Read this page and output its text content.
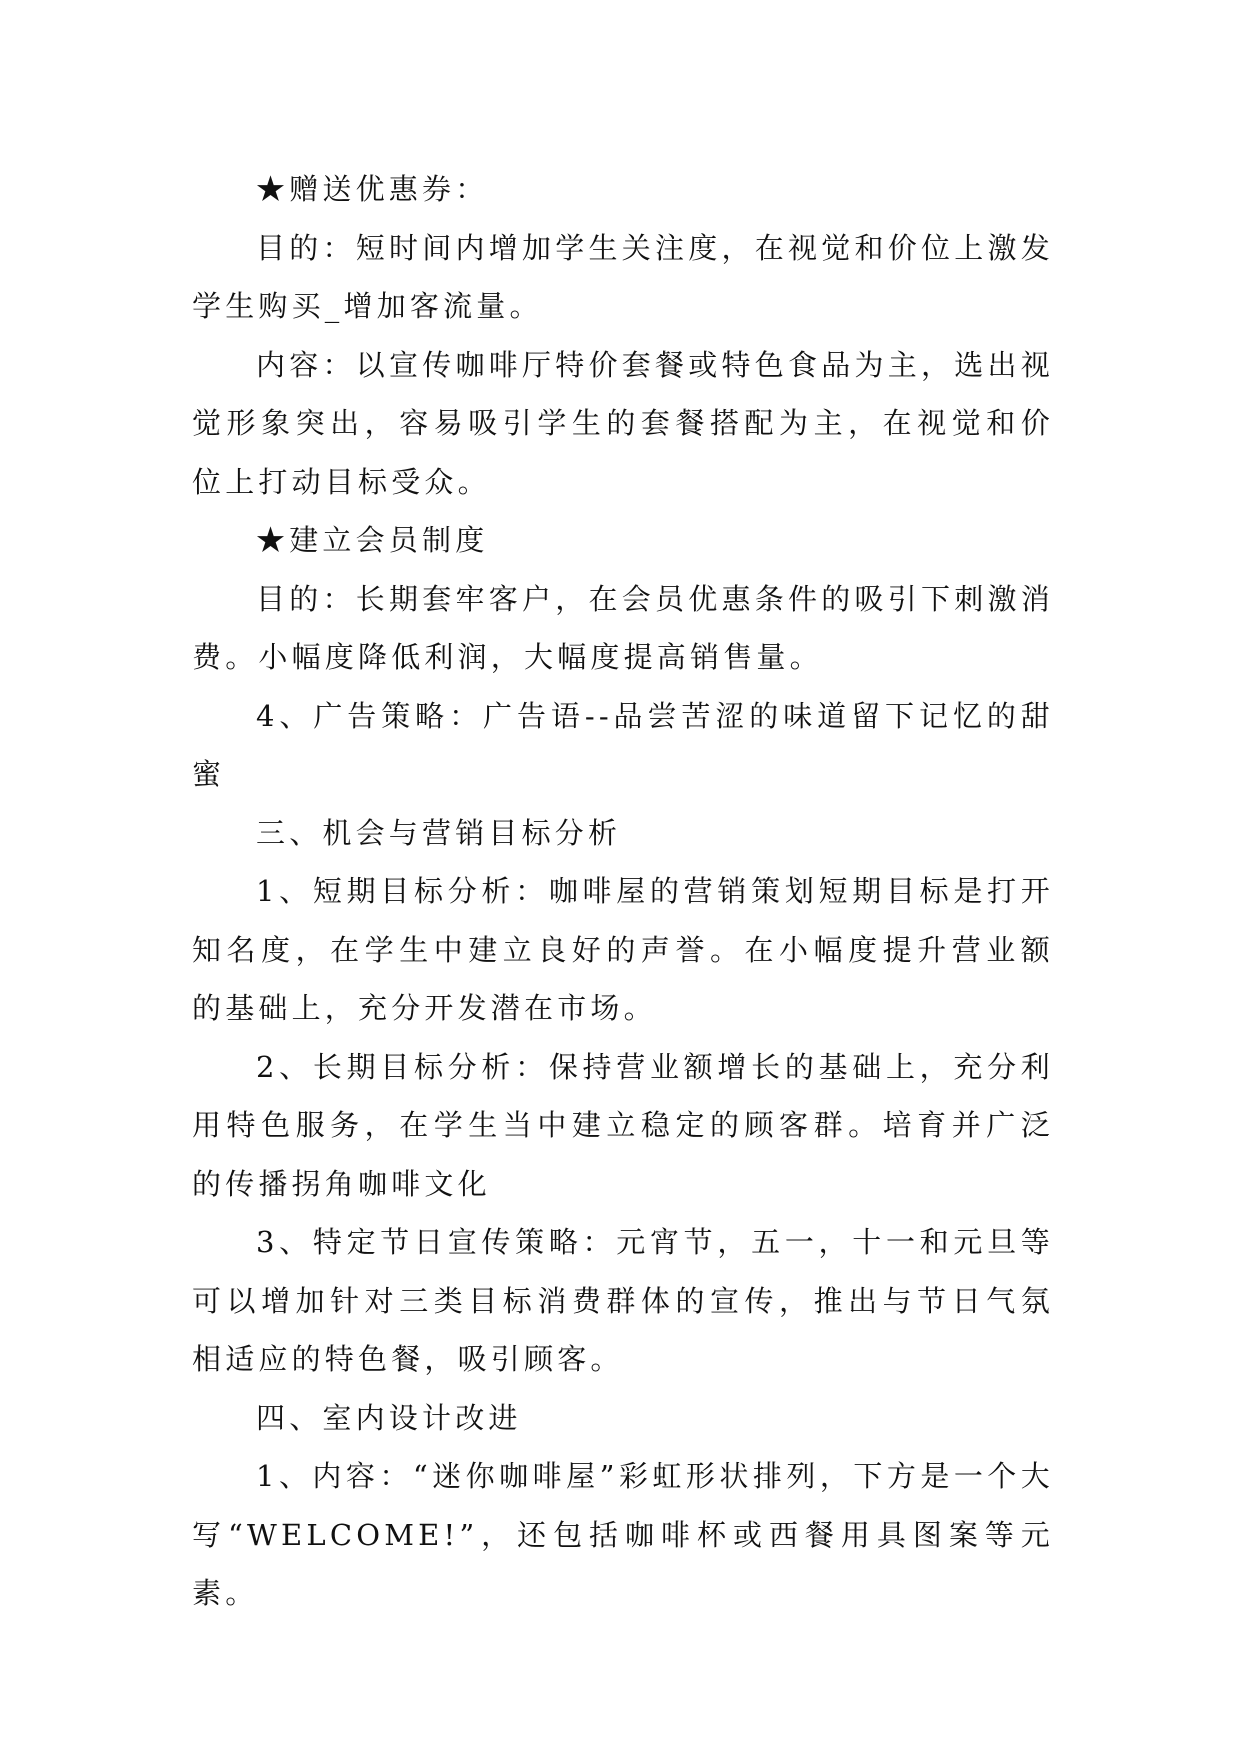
★赠送优惠券：

目的：短时间内增加学生关注度，在视觉和价位上激发学生购买_增加客流量。

内容：以宣传咖啡厅特价套餐或特色食品为主，选出视觉形象突出，容易吸引学生的套餐搭配为主，在视觉和价位上打动目标受众。

★建立会员制度

目的：长期套牢客户，在会员优惠条件的吸引下刺激消费。小幅度降低利润，大幅度提高销售量。

4、广告策略：广告语--品尝苦涩的味道留下记忆的甜蜜

三、机会与营销目标分析

1、短期目标分析：咖啡屋的营销策划短期目标是打开知名度，在学生中建立良好的声誉。在小幅度提升营业额的基础上，充分开发潜在市场。

2、长期目标分析：保持营业额增长的基础上，充分利用特色服务，在学生当中建立稳定的顾客群。培育并广泛的传播拐角咖啡文化

3、特定节日宣传策略：元宵节，五一，十一和元旦等可以增加针对三类目标消费群体的宣传，推出与节日气氛相适应的特色餐，吸引顾客。

四、室内设计改进

1、内容：“迷你咖啡屋”彩虹形状排列，下方是一个大写“WELCOME!”，还包括咖啡杯或西餐用具图案等元素。
